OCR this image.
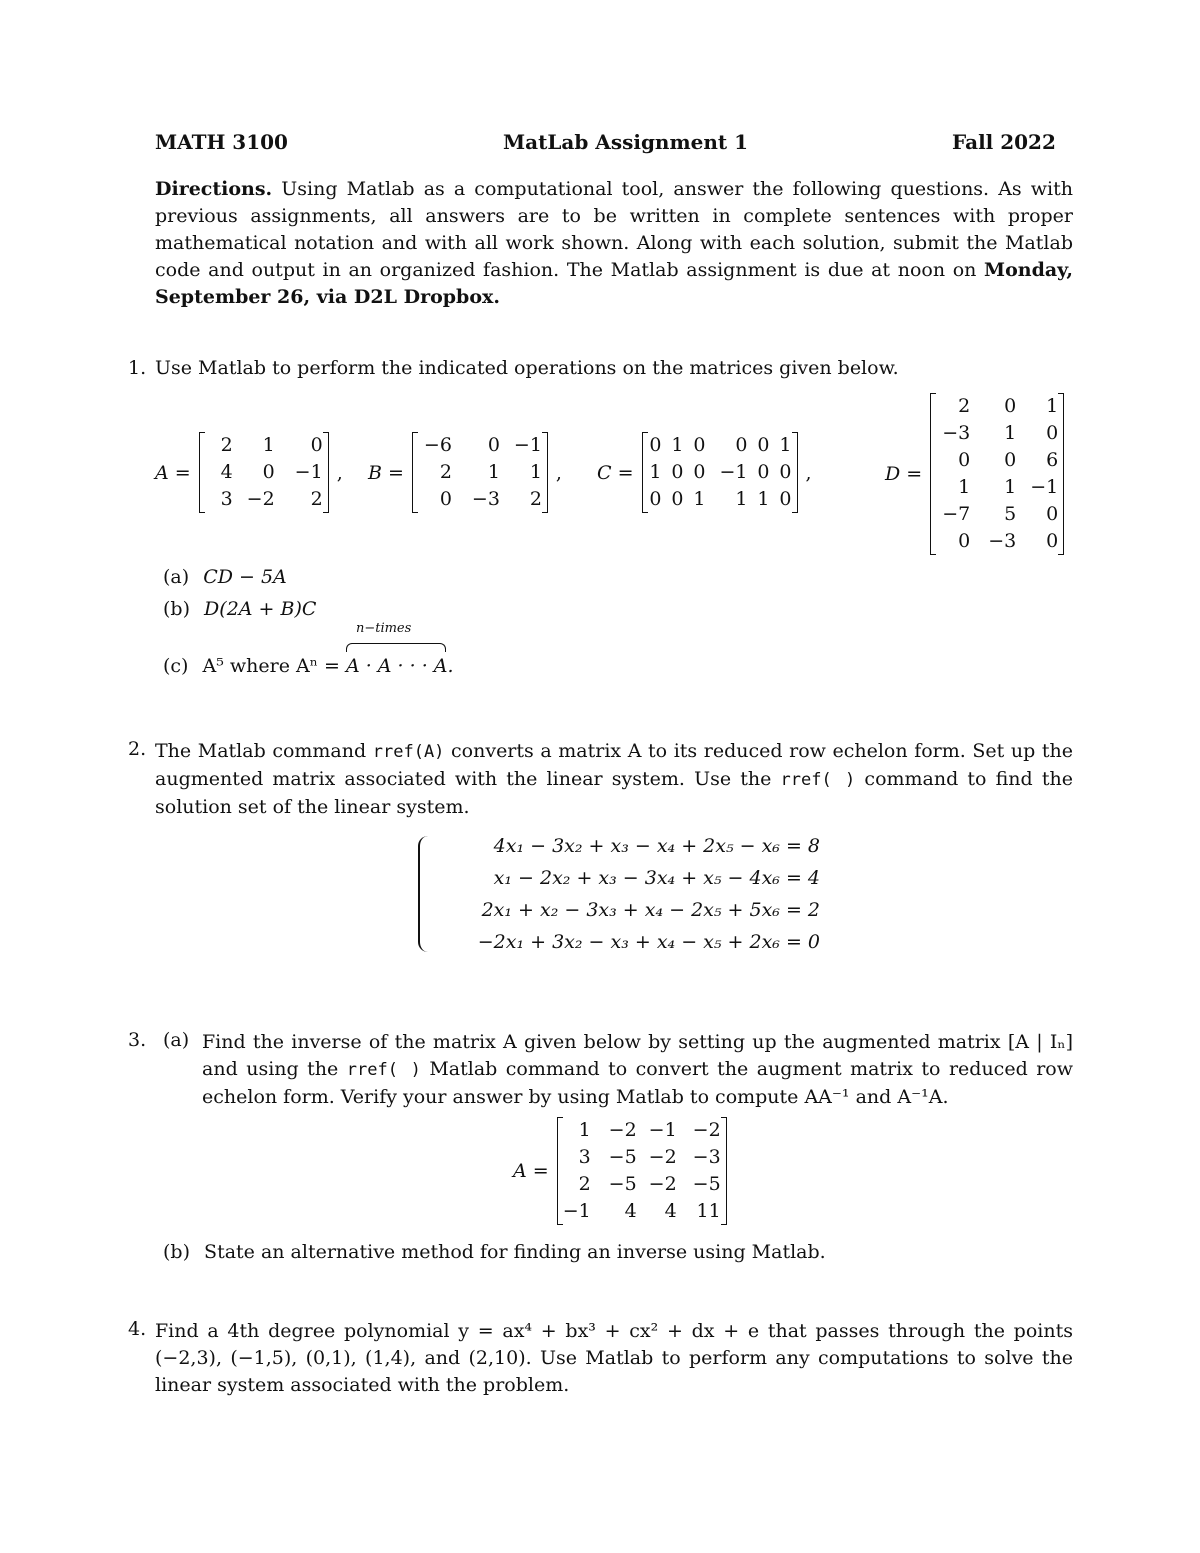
MATH 3100	MatLab Assignment 1	Fall 2022
Directions. Using Matlab as a computational tool, answer the following questions. As with previous assignments, all answers are to be written in complete sentences with proper mathematical notation and with all work shown. Along with each solution, submit the Matlab code and output in an organized fashion. The Matlab assignment is due at noon on Monday, September 26, via D2L Dropbox.
1. Use Matlab to perform the indicated operations on the matrices given below.
A =
2	1	0
4	0	−1
3 −2	2
, B =
−6	0 −1
2	1	1
0	−3	2
, C =
0 1 0	0 0 1
1 0 0 −1 0 0
0 0 1	1 1 0
,	D =
2	0	1
−3	1	0
0	0	6
1	1 −1
−7	5	0
0 −3	0
(a) CD − 5A
(b) D(2A + B)C
(c) A⁵ where Aⁿ =
n−times
A · A · · · A.
2. The Matlab command rref(A) converts a matrix A to its reduced row echelon form. Set up the augmented matrix associated with the linear system. Use the rref( ) command to find the solution set of the linear system.
4x₁ − 3x₂ + x₃ − x₄ + 2x₅ − x₆ = 8
x₁ − 2x₂ + x₃ − 3x₄ + x₅ − 4x₆ = 4
2x₁ + x₂ − 3x₃ + x₄ − 2x₅ + 5x₆ = 2
−2x₁ + 3x₂ − x₃ + x₄ − x₅ + 2x₆ = 0
3. (a) Find the inverse of the matrix A given below by setting up the augmented matrix [A | Iₙ] and using the rref( ) Matlab command to convert the augment matrix to reduced row echelon form. Verify your answer by using Matlab to compute AA⁻¹ and A⁻¹A.
A =
1 −2 −1 −2
3 −5 −2 −3
2 −5 −2 −5
−1	4	4	11
(b) State an alternative method for finding an inverse using Matlab.
4. Find a 4th degree polynomial y = ax⁴ + bx³ + cx² + dx + e that passes through the points (−2,3), (−1,5), (0,1), (1,4), and (2,10). Use Matlab to perform any computations to solve the linear system associated with the problem.
